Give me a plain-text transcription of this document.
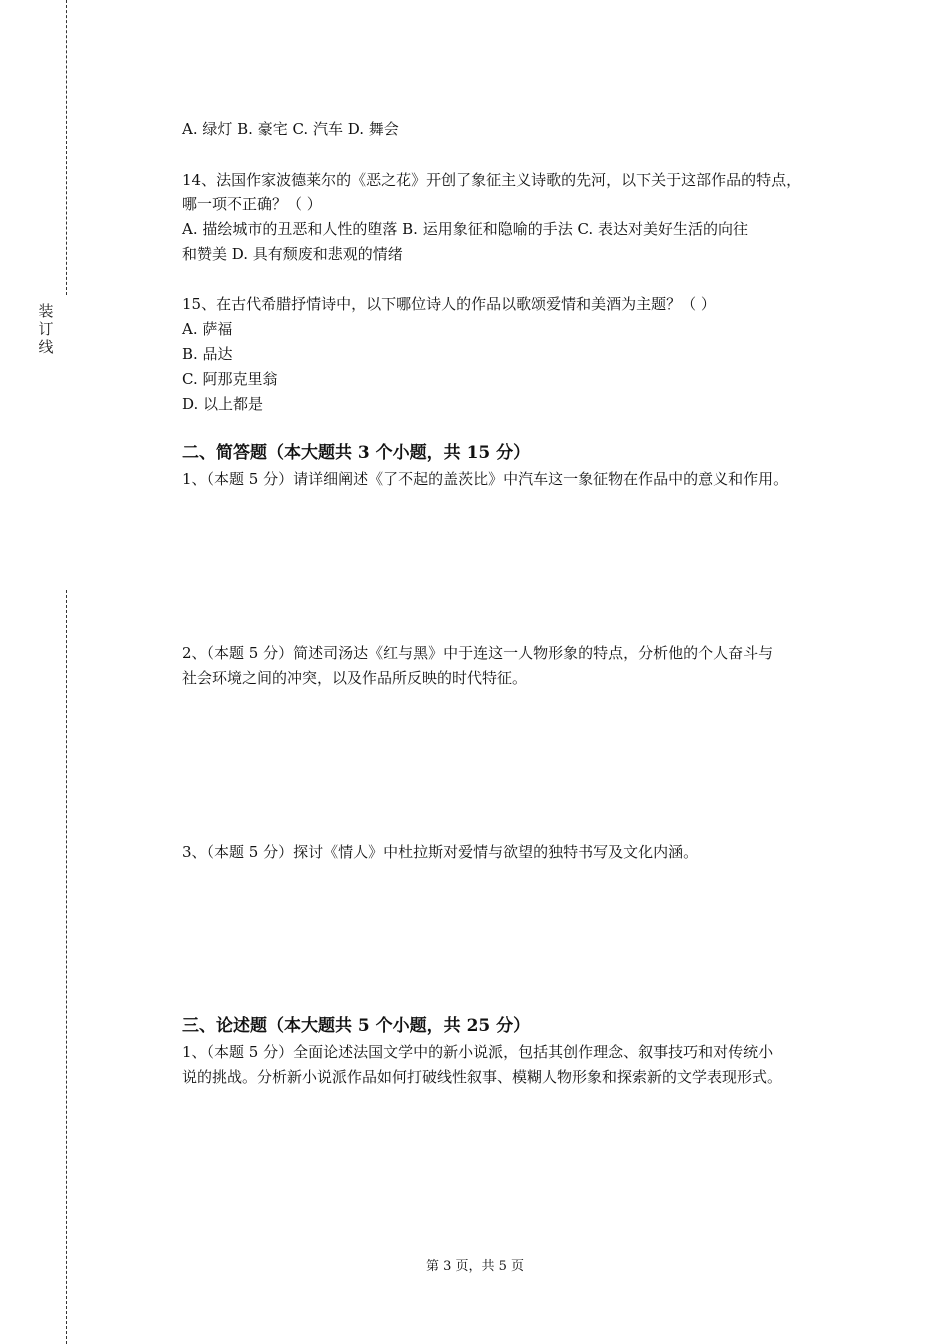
装
订
线
A. 绿灯 B. 豪宅 C. 汽车 D. 舞会
14、法国作家波德莱尔的《恶之花》开创了象征主义诗歌的先河，以下关于这部作品的特点，
哪一项不正确？（ ）
A. 描绘城市的丑恶和人性的堕落 B. 运用象征和隐喻的手法 C. 表达对美好生活的向往
和赞美 D. 具有颓废和悲观的情绪
15、在古代希腊抒情诗中，以下哪位诗人的作品以歌颂爱情和美酒为主题？（ ）
A. 萨福
B. 品达
C. 阿那克里翁
D. 以上都是
二、简答题（本大题共 3 个小题，共 15 分）
1、（本题 5 分）请详细阐述《了不起的盖茨比》中汽车这一象征物在作品中的意义和作用。
2、（本题 5 分）简述司汤达《红与黑》中于连这一人物形象的特点，分析他的个人奋斗与
社会环境之间的冲突，以及作品所反映的时代特征。
3、（本题 5 分）探讨《情人》中杜拉斯对爱情与欲望的独特书写及文化内涵。
三、论述题（本大题共 5 个小题，共 25 分）
1、（本题 5 分）全面论述法国文学中的新小说派，包括其创作理念、叙事技巧和对传统小
说的挑战。分析新小说派作品如何打破线性叙事、模糊人物形象和探索新的文学表现形式。
第 3 页，共 5 页
